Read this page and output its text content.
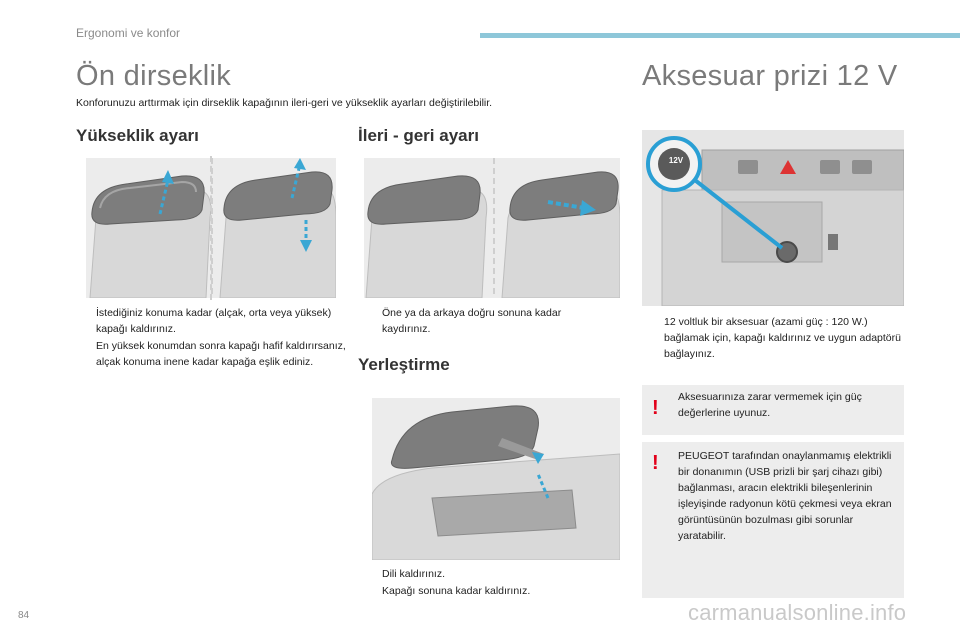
Ergonomi ve konfor
Ön dirseklik
Konforunuzu arttırmak için dirseklik kapağının ileri-geri ve yükseklik ayarları değiştirilebilir.
Yükseklik ayarı	İleri - geri ayarı
İstediğiniz konuma kadar (alçak, orta veya yüksek) kapağı kaldırınız.
En yüksek konumdan sonra kapağı hafif kaldırırsanız, alçak konuma inene kadar kapağa eşlik ediniz.
Öne ya da arkaya doğru sonuna kadar kaydırınız.
Yerleştirme
Dili kaldırınız.
Kapağı sonuna kadar kaldırınız.
Aksesuar prizi 12 V
12V
12 voltluk bir aksesuar (azami güç : 120 W.) bağlamak için, kapağı kaldırınız ve uygun adaptörü bağlayınız.
! Aksesuarınıza zarar vermemek için güç değerlerine uyunuz.
! PEUGEOT tarafından onaylanmamış elektrikli bir donanımın (USB prizli bir şarj cihazı gibi) bağlanması, aracın elektrikli bileşenlerinin işleyişinde radyonun kötü çekmesi veya ekran görüntüsünün bozulması gibi sorunlar yaratabilir.
84	carmanualsonline.info
